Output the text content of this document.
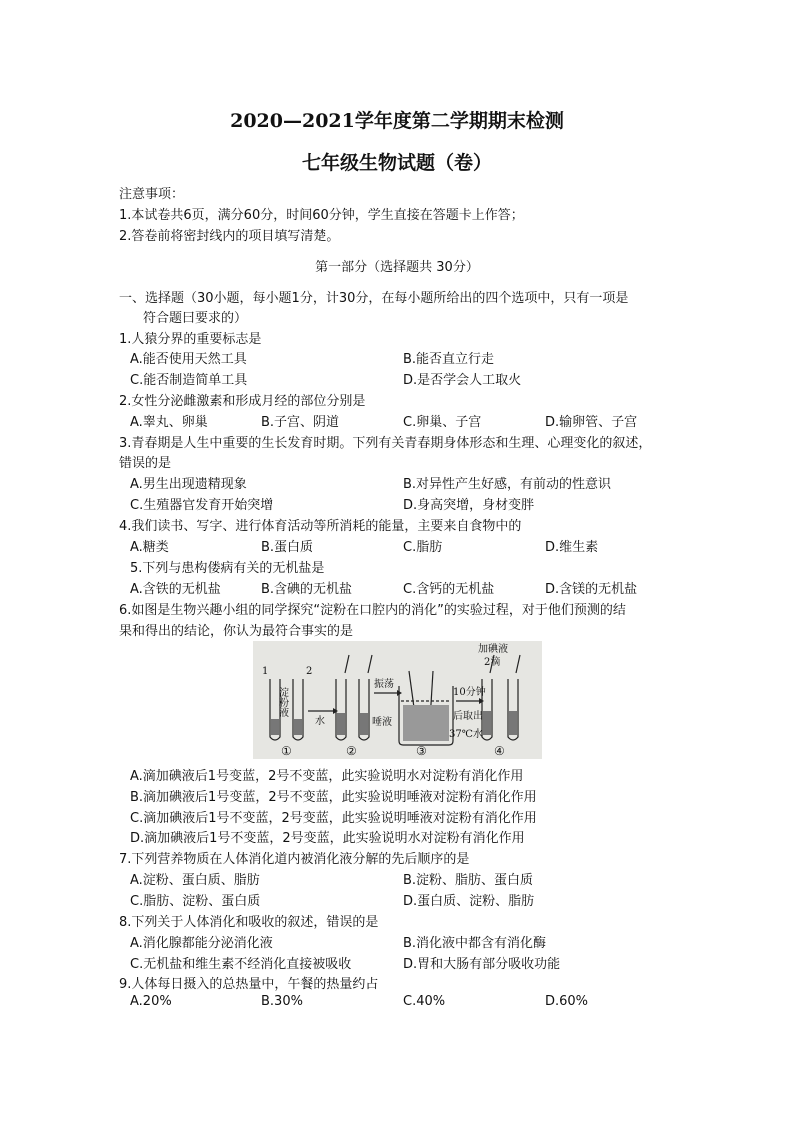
2020—2021学年度第二学期期末检测
七年级生物试题（卷）
注意事项：
1.本试卷共6页，满分60分，时间60分钟，学生直接在答题卡上作答；
2.答卷前将密封线内的项目填写清楚。
第一部分（选择题共 30分）
一、选择题（30小题，每小题1分，计30分，在每小题所给出的四个选项中，只有一项是
符合题曰要求的）
1.人猿分界的重要标志是
A.能否使用天然工具	B.能否直立行走
C.能否制造简单工具	D.是否学会人工取火
2.女性分泌雌激素和形成月经的部位分别是
A.睾丸、卵巢	B.子宫、阴道	C.卵巢、子宫	D.输卵管、子宫
3.青春期是人生中重要的生长发育时期。下列有关青春期身体形态和生理、心理变化的叙述，
错误的是
A.男生出现遗精现象	B.对异性产生好感，有前动的性意识
C.生殖器官发育开始突增	D.身高突增，身材变胖
4.我们读书、写字、进行体育活动等所消耗的能量，主要来自食物中的
A.糖类	B.蛋白质	C.脂肪	D.维生素
5.下列与患构偻病有关的无机盐是
A.含铁的无机盐	B.含碘的无机盐	C.含钙的无机盐	D.含镁的无机盐
6.如图是生物兴趣小组的同学探究“淀粉在口腔内的消化”的实验过程，对于他们预测的结
果和得出的结论，你认为最符合事实的是
1	2
淀粉液
水
振荡
唾液
加碘液
2滴
10分钟
后取出
37℃水
①	②	③	④
A.滴加碘液后1号变蓝，2号不变蓝，此实验说明水对淀粉有消化作用
B.滴加碘液后1号变蓝，2号不变蓝，此实验说明唾液对淀粉有消化作用
C.滴加碘液后1号不变蓝，2号变蓝，此实验说明唾液对淀粉有消化作用
D.滴加碘液后1号不变蓝，2号变蓝，此实验说明水对淀粉有消化作用
7.下列营养物质在人体消化道内被消化液分解的先后顺序的是
A.淀粉、蛋白质、脂肪	B.淀粉、脂肪、蛋白质
C.脂肪、淀粉、蛋白质	D.蛋白质、淀粉、脂肪
8.下列关于人体消化和吸收的叙述，错误的是
A.消化腺都能分泌消化液	B.消化液中都含有消化酶
C.无机盐和维生素不经消化直接被吸收	D.胃和大肠有部分吸收功能
9.人体每日摄入的总热量中，午餐的热量约占
A.20%	B.30%	C.40%	D.60%
